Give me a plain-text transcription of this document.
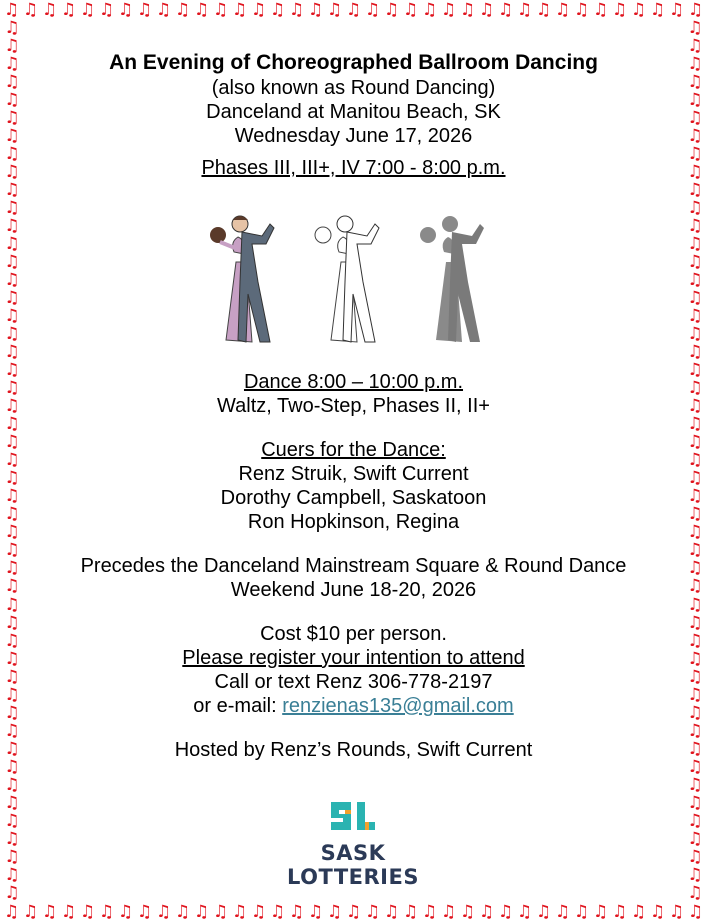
♫ ♫ ♫ ♫ ♫ ♫ ♫ ♫ ♫ ♫ ♫ ♫ ♫ ♫ ♫ ♫ ♫ ♫ ♫ ♫ ♫ ♫ ♫ ♫ ♫ ♫ ♫ ♫ ♫ ♫ ♫ ♫ ♫ ♫ ♫ ♫ ♫
♫ ♫ ♫ ♫ ♫ ♫ ♫ ♫ ♫ ♫ ♫ ♫ ♫ ♫ ♫ ♫ ♫ ♫ ♫ ♫ ♫ ♫ ♫ ♫ ♫ ♫ ♫ ♫ ♫ ♫ ♫ ♫ ♫ ♫ ♫ ♫ ♫
♫
♫
♫
♫
♫
♫
♫
♫
♫
♫
♫
♫
♫
♫
♫
♫
♫
♫
♫
♫
♫
♫
♫
♫
♫
♫
♫
♫
♫
♫
♫
♫
♫
♫
♫
♫
♫
♫
♫
♫
♫
♫
♫
♫
♫
♫
♫
♫
♫
♫
♫
♫
♫
♫
♫
♫
♫
♫
♫
♫
♫
♫
♫
♫
♫
♫
♫
♫
♫
♫
♫
♫
♫
♫
♫
♫
♫
♫
♫
♫
♫
♫
♫
♫
♫
♫
♫
♫
♫
♫
♫
♫
♫
♫
♫
♫
♫
♫

An Evening of Choreographed Ballroom Dancing

(also known as Round Dancing)

Danceland at Manitou Beach, SK

Wednesday June 17, 2026

Phases III, III+, IV 7:00 - 8:00 p.m.

Dance 8:00 – 10:00 p.m.

Waltz, Two-Step, Phases II, II+

Cuers for the Dance:

Renz Struik, Swift Current

Dorothy Campbell, Saskatoon

Ron Hopkinson, Regina

Precedes the Danceland Mainstream Square & Round Dance

Weekend June 18-20, 2026

Cost $10 per person.

Please register your intention to attend

Call or text Renz 306-778-2197

or e-mail: renzienas135@gmail.com

Hosted by Renz’s Rounds, Swift Current

SASK LOTTERIES
